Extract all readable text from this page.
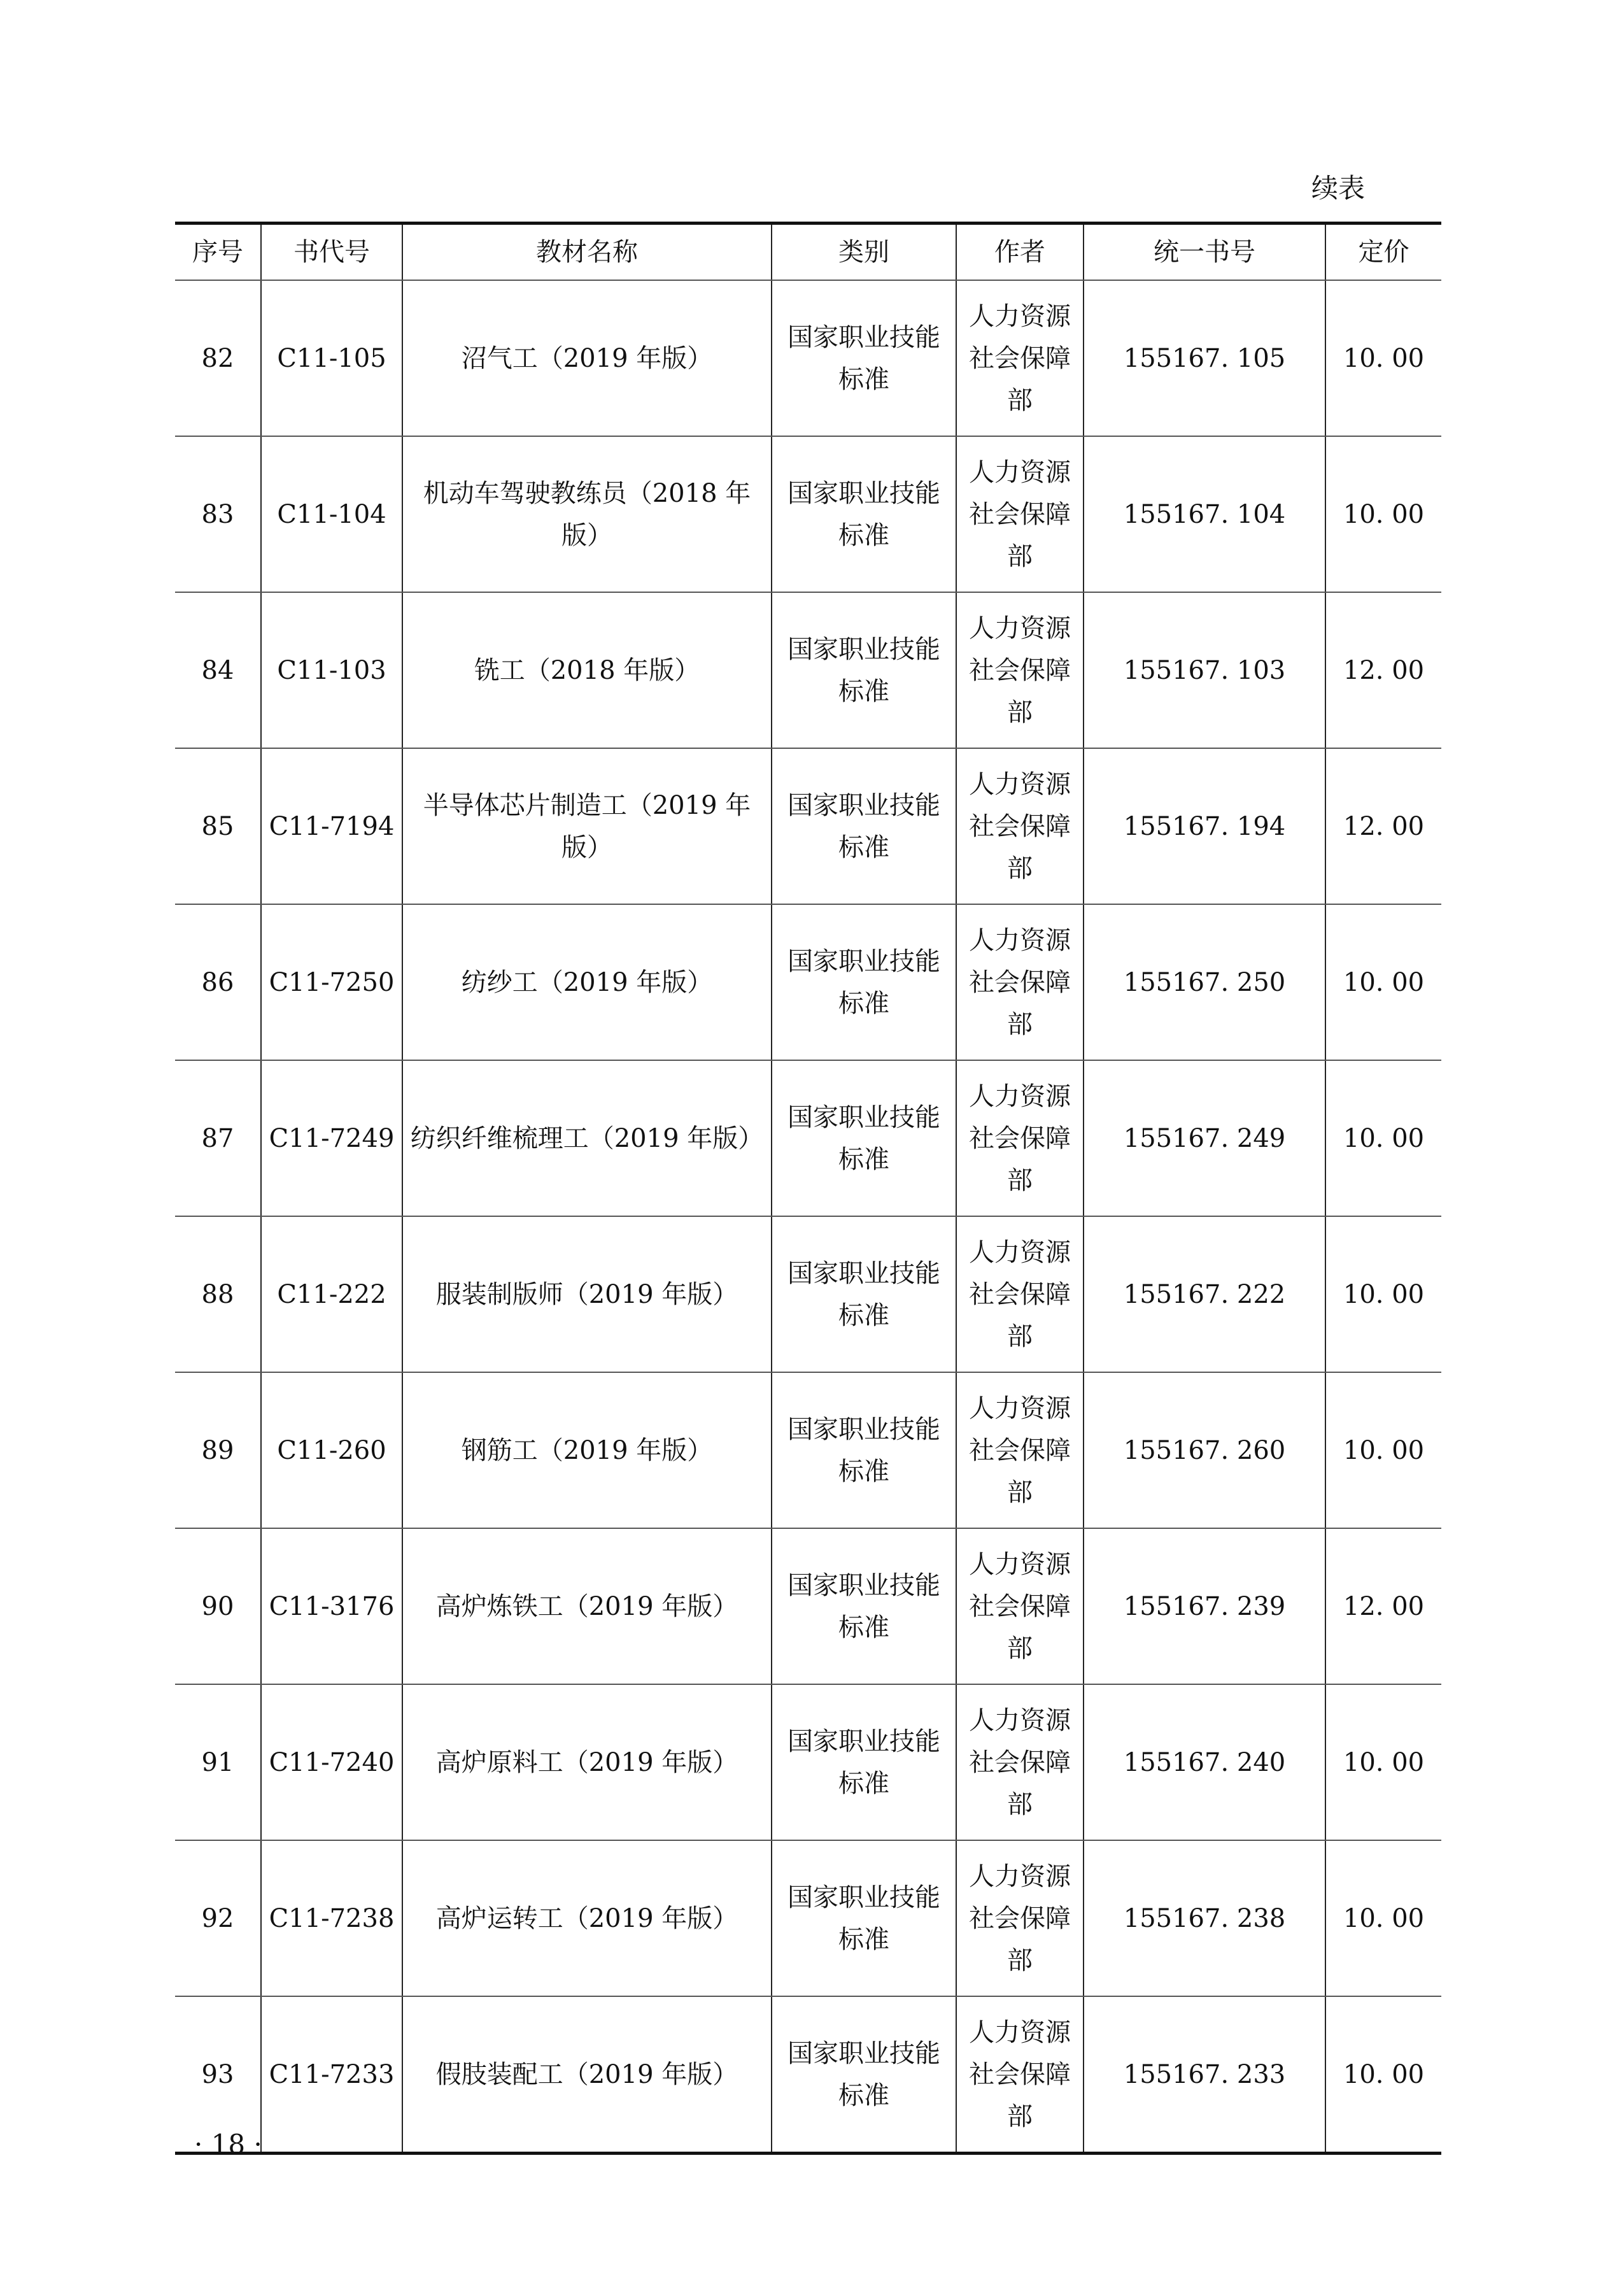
续表
序号	书代号	教材名称	类别	作者	统一书号	定价
82	C11-105	沼气工（2019 年版）	国家职业技能标准	人力资源社会保障部	155167. 105	10. 00
83	C11-104	机动车驾驶教练员（2018 年版）	国家职业技能标准	人力资源社会保障部	155167. 104	10. 00
84	C11-103	铣工（2018 年版）	国家职业技能标准	人力资源社会保障部	155167. 103	12. 00
85	C11-7194	半导体芯片制造工（2019 年版）	国家职业技能标准	人力资源社会保障部	155167. 194	12. 00
86	C11-7250	纺纱工（2019 年版）	国家职业技能标准	人力资源社会保障部	155167. 250	10. 00
87	C11-7249	纺织纤维梳理工（2019 年版）	国家职业技能标准	人力资源社会保障部	155167. 249	10. 00
88	C11-222	服装制版师（2019 年版）	国家职业技能标准	人力资源社会保障部	155167. 222	10. 00
89	C11-260	钢筋工（2019 年版）	国家职业技能标准	人力资源社会保障部	155167. 260	10. 00
90	C11-3176	高炉炼铁工（2019 年版）	国家职业技能标准	人力资源社会保障部	155167. 239	12. 00
91	C11-7240	高炉原料工（2019 年版）	国家职业技能标准	人力资源社会保障部	155167. 240	10. 00
92	C11-7238	高炉运转工（2019 年版）	国家职业技能标准	人力资源社会保障部	155167. 238	10. 00
93	C11-7233	假肢装配工（2019 年版）	国家职业技能标准	人力资源社会保障部	155167. 233	10. 00
· 18 ·
